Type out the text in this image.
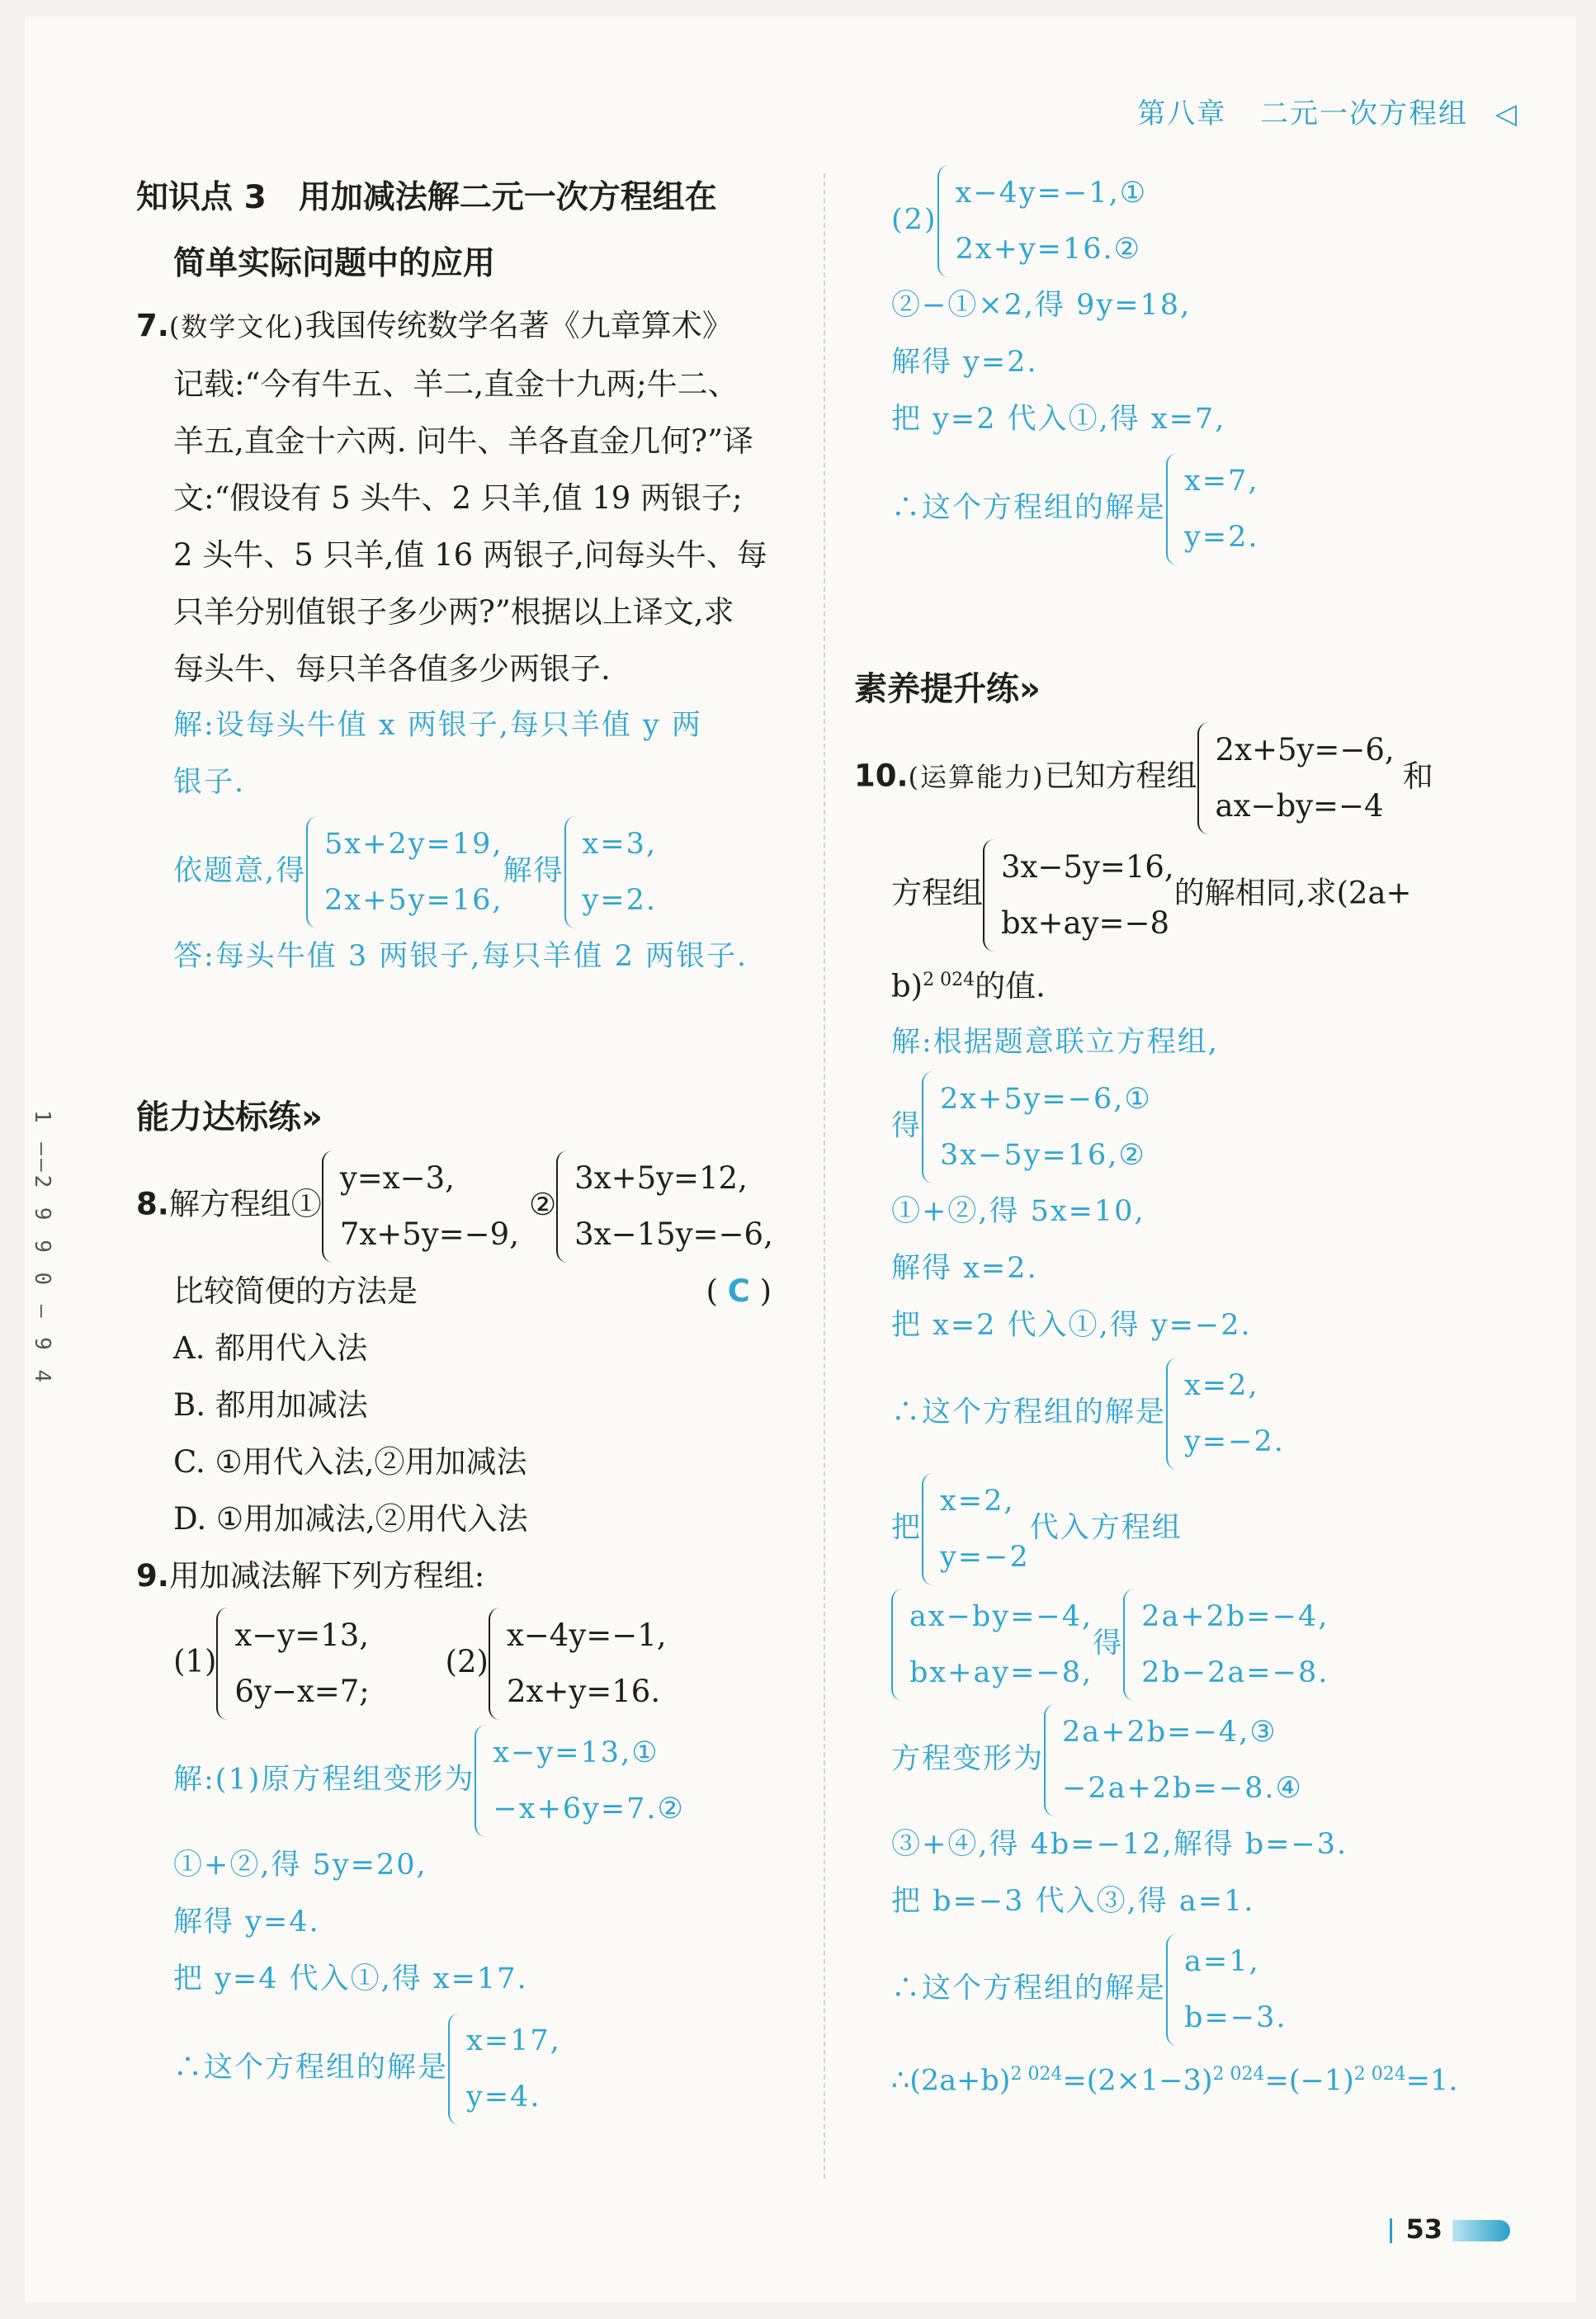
第八章 二元一次方程组 ◁
1 ——2 9 9 0 — 9 4
知识点 3　用加减法解二元一次方程组在
简单实际问题中的应用
7.(数学文化)我国传统数学名著《九章算术》
记载:“今有牛五、羊二,直金十九两;牛二、
羊五,直金十六两. 问牛、羊各直金几何?”译
文:“假设有 5 头牛、2 只羊,值 19 两银子;
2 头牛、5 只羊,值 16 两银子,问每头牛、每
只羊分别值银子多少两?”根据以上译文,求
每头牛、每只羊各值多少两银子.
解:设每头牛值 x 两银子,每只羊值 y 两
银子.
依题意,得
5x+2y=19,
2x+5y=16,
解得
x=3,
y=2.
答:每头牛值 3 两银子,每只羊值 2 两银子.
能力达标练»
8.解方程组①
y=x−3,
7x+5y=−9,
②
3x+5y=12,
3x−15y=−6,
比较简便的方法是	( C )
A. 都用代入法
B. 都用加减法
C. ①用代入法,②用加减法
D. ①用加减法,②用代入法
9.用加减法解下列方程组:
(1)
x−y=13,
6y−x=7;
(2)
x−4y=−1,
2x+y=16.
解:(1)原方程组变形为
x−y=13,①
−x+6y=7.②
①+②,得 5y=20,
解得 y=4.
把 y=4 代入①,得 x=17.
∴这个方程组的解是
x=17,
y=4.
(2)
x−4y=−1,①
2x+y=16.②
②−①×2,得 9y=18,
解得 y=2.
把 y=2 代入①,得 x=7,
∴这个方程组的解是
x=7,
y=2.
素养提升练»
10.(运算能力)已知方程组
2x+5y=−6,
ax−by=−4
和
方程组
3x−5y=16,
bx+ay=−8
的解相同,求(2a+
b)$^{2 024}$的值.
解:根据题意联立方程组,
得
2x+5y=−6,①
3x−5y=16,②
①+②,得 5x=10,
解得 x=2.
把 x=2 代入①,得 y=−2.
∴这个方程组的解是
x=2,
y=−2.
把
x=2,
y=−2
代入方程组
ax−by=−4,
bx+ay=−8,
得
2a+2b=−4,
2b−2a=−8.
方程变形为
2a+2b=−4,③
−2a+2b=−8.④
③+④,得 4b=−12,解得 b=−3.
把 b=−3 代入③,得 a=1.
∴这个方程组的解是
a=1,
b=−3.
$\therefore(2a+b)^{2 024}=(2\times 1-3)^{2 024}=(-1)^{2 024}=1$.
53
